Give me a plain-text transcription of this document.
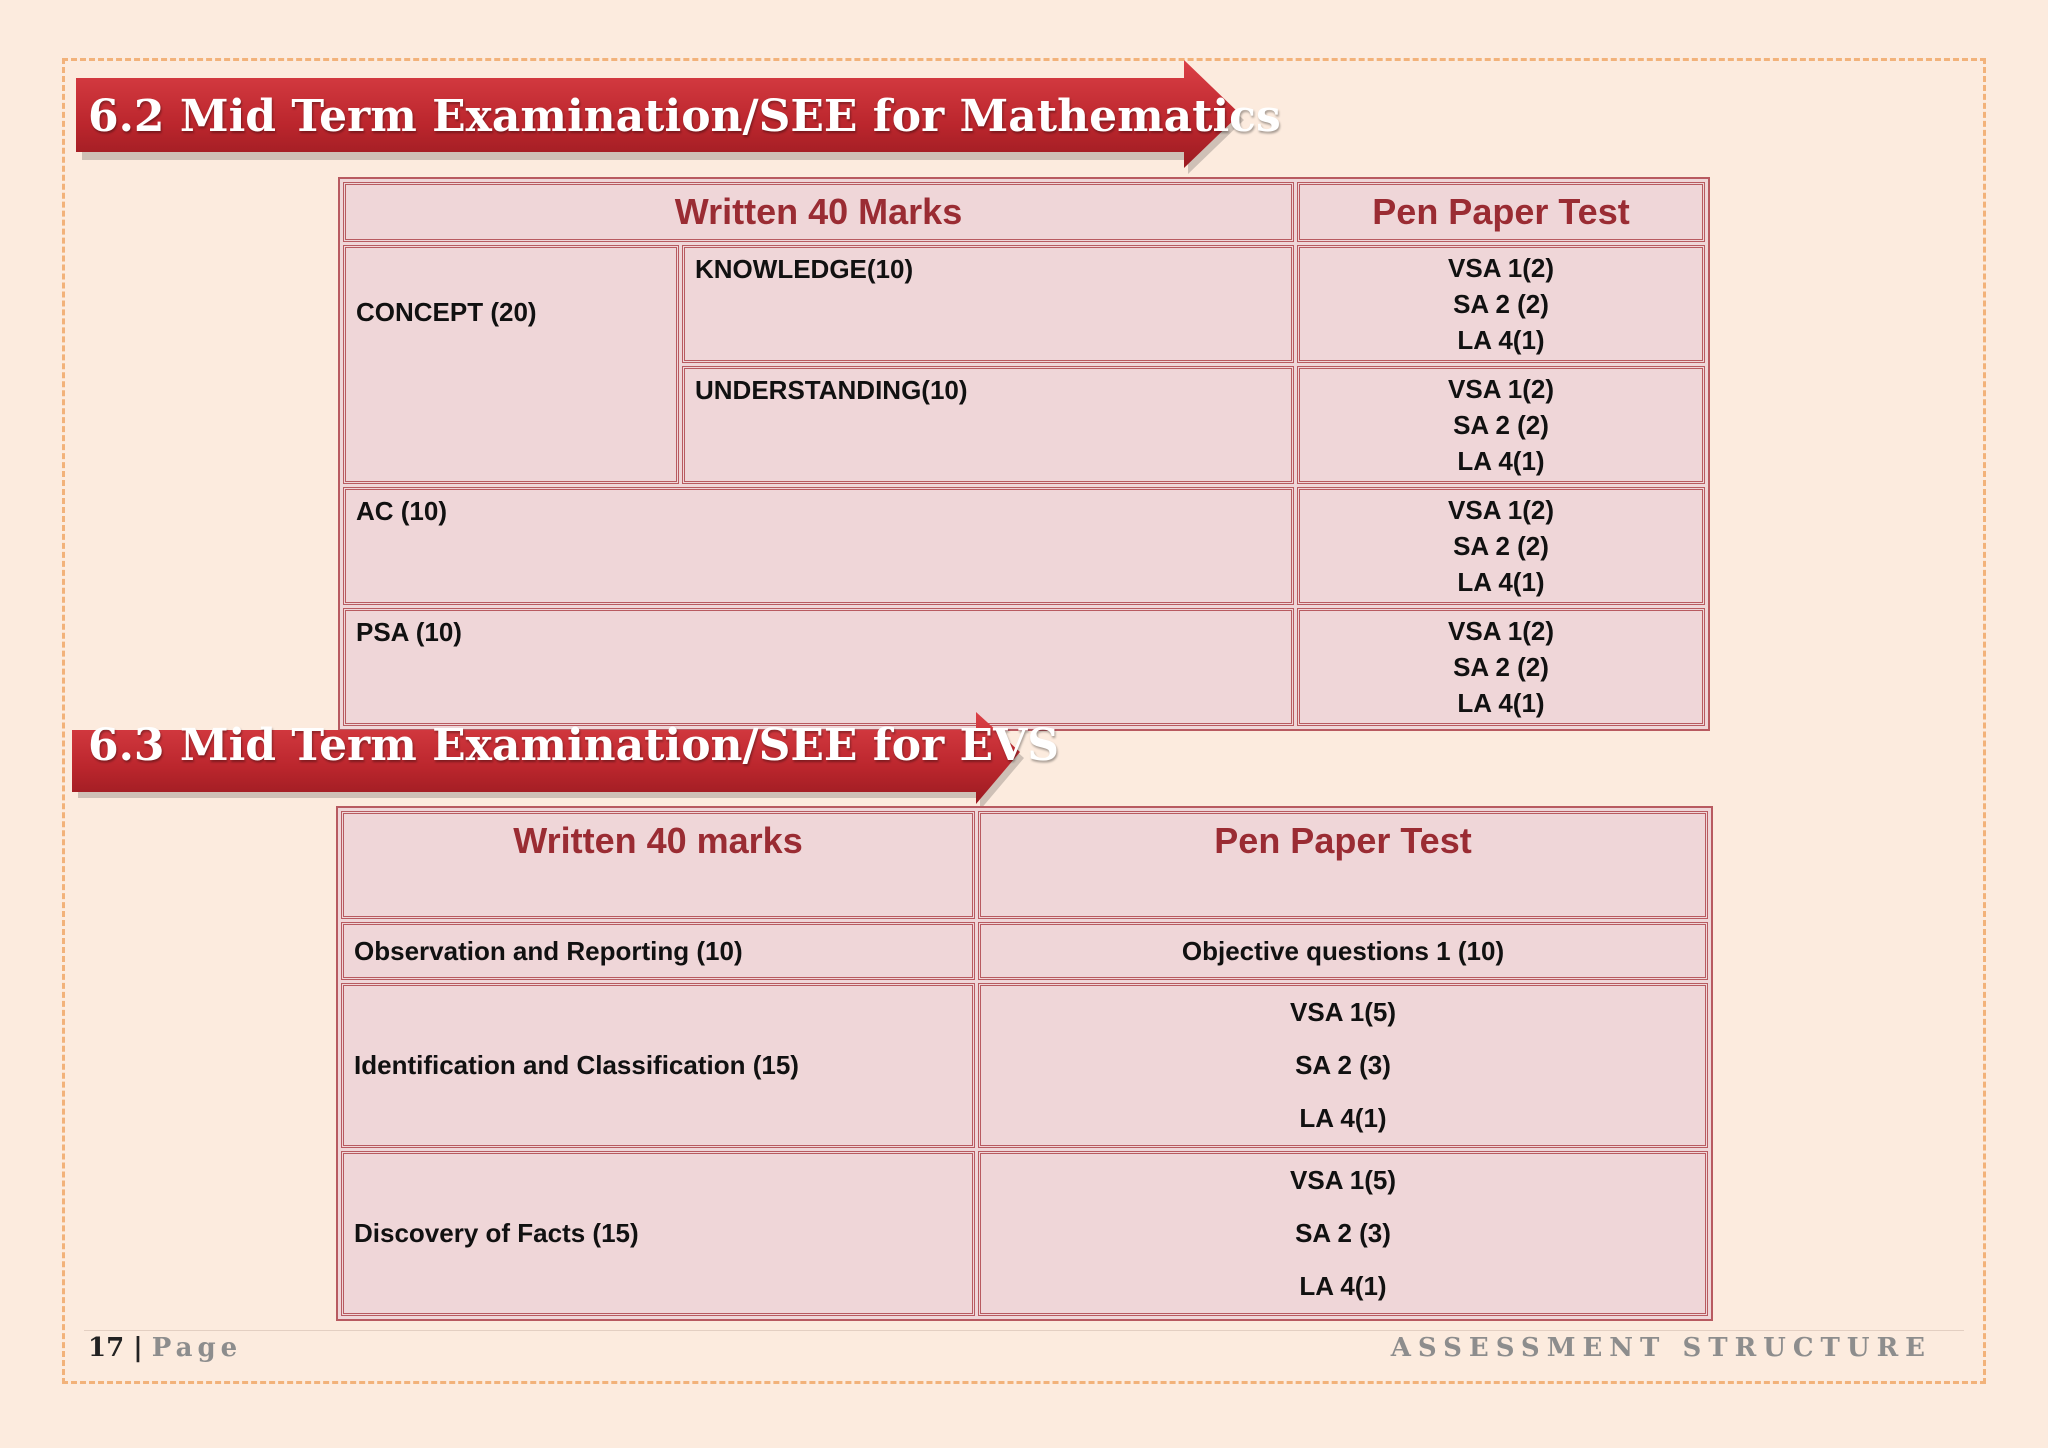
6.2 Mid Term Examination/SEE for Mathematics
Written 40 Marks		Pen Paper Test
CONCEPT (20)	KNOWLEDGE(10)	VSA 1(2)
SA 2 (2)
LA 4(1)

	UNDERSTANDING(10)	VSA 1(2)
SA 2 (2)
LA 4(1)

AC (10)		VSA 1(2)
SA 2 (2)
LA 4(1)

PSA (10)		VSA 1(2)
SA 2 (2)
LA 4(1)
6.3 Mid Term Examination/SEE for EVS
Written 40 marks	Pen Paper Test
Observation and Reporting (10)	Objective questions 1 (10)
Identification and Classification (15)	VSA 1(5)
SA 2 (3)
LA 4(1)

Discovery of Facts (15)	VSA 1(5)
SA 2 (3)
LA 4(1)
17 | Page	ASSESSMENT STRUCTURE
